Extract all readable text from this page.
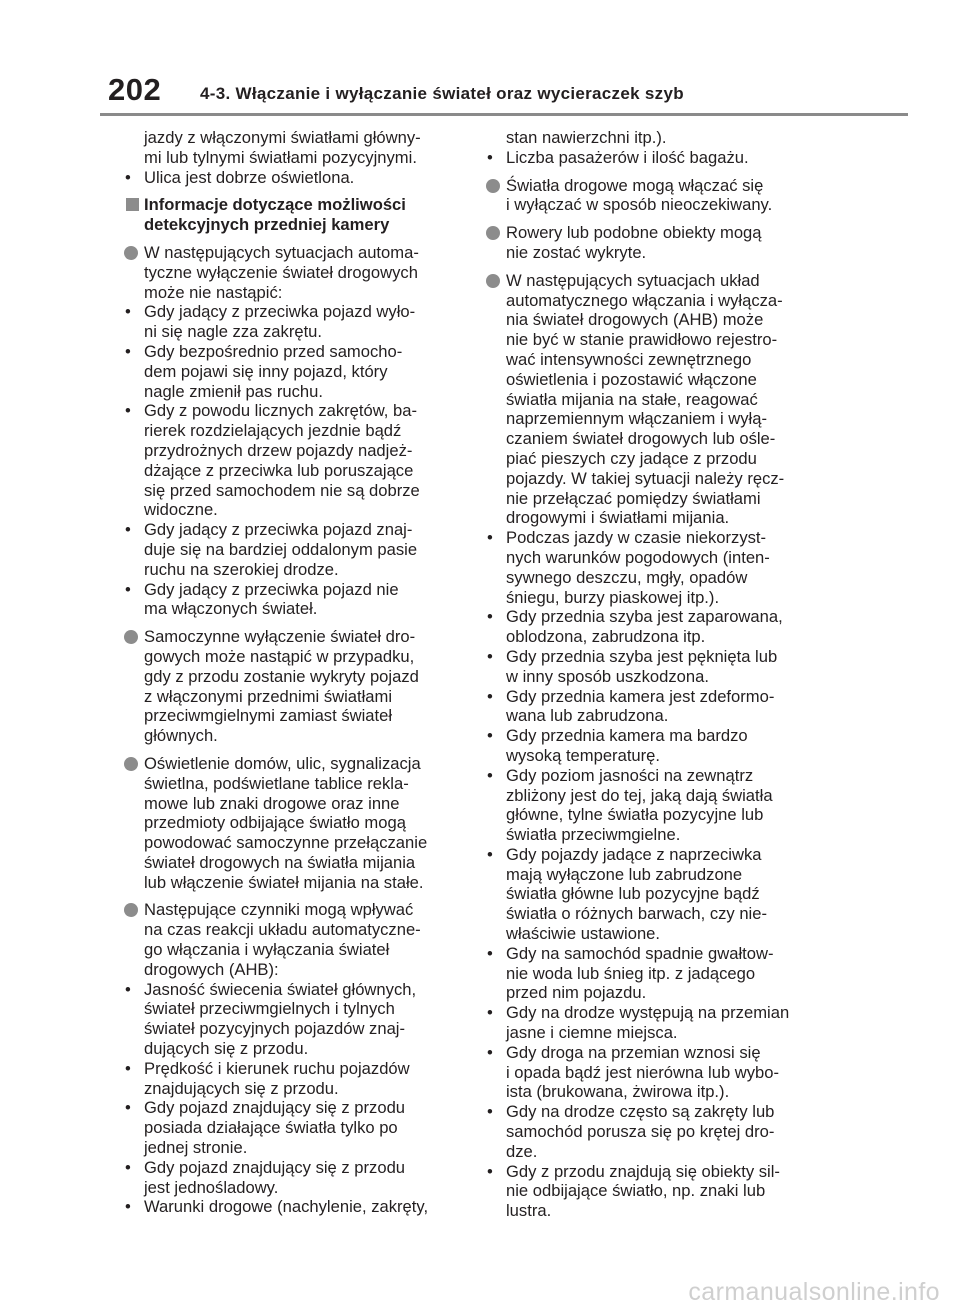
202 4-3. Włączanie i wyłączanie świateł oraz wycieraczek szyb

jazdy z włączonymi światłami główny-

mi lub tylnymi światłami pozycyjnymi.

• Ulica jest dobrze oświetlona.

Informacje dotyczące możliwości

detekcyjnych przedniej kamery

W następujących sytuacjach automa-

tyczne wyłączenie świateł drogowych

może nie nastąpić:

• Gdy jadący z przeciwka pojazd wyło-

ni się nagle zza zakrętu.

• Gdy bezpośrednio przed samocho-

dem pojawi się inny pojazd, który

nagle zmienił pas ruchu.

• Gdy z powodu licznych zakrętów, ba-

rierek rozdzielających jezdnie bądź

przydrożnych drzew pojazdy nadjeż-

dżające z przeciwka lub poruszające

się przed samochodem nie są dobrze

widoczne.

• Gdy jadący z przeciwka pojazd znaj-

duje się na bardziej oddalonym pasie

ruchu na szerokiej drodze.

• Gdy jadący z przeciwka pojazd nie

ma włączonych świateł.

Samoczynne wyłączenie świateł dro-

gowych może nastąpić w przypadku,

gdy z przodu zostanie wykryty pojazd

z włączonymi przednimi światłami

przeciwmgielnymi zamiast świateł

głównych.

Oświetlenie domów, ulic, sygnalizacja

świetlna, podświetlane tablice rekla-

mowe lub znaki drogowe oraz inne

przedmioty odbijające światło mogą

powodować samoczynne przełączanie

świateł drogowych na światła mijania

lub włączenie świateł mijania na stałe.

Następujące czynniki mogą wpływać

na czas reakcji układu automatyczne-

go włączania i wyłączania świateł

drogowych (AHB):

• Jasność świecenia świateł głównych,

świateł przeciwmgielnych i tylnych

świateł pozycyjnych pojazdów znaj-

dujących się z przodu.

• Prędkość i kierunek ruchu pojazdów

znajdujących się z przodu.

• Gdy pojazd znajdujący się z przodu

posiada działające światła tylko po

jednej stronie.

• Gdy pojazd znajdujący się z przodu

jest jednośladowy.

• Warunki drogowe (nachylenie, zakręty,

stan nawierzchni itp.).

• Liczba pasażerów i ilość bagażu.

Światła drogowe mogą włączać się

i wyłączać w sposób nieoczekiwany.

Rowery lub podobne obiekty mogą

nie zostać wykryte.

W następujących sytuacjach układ

automatycznego włączania i wyłącza-

nia świateł drogowych (AHB) może

nie być w stanie prawidłowo rejestro-

wać intensywności zewnętrznego

oświetlenia i pozostawić włączone

światła mijania na stałe, reagować

naprzemiennym włączaniem i wyłą-

czaniem świateł drogowych lub ośle-

piać pieszych czy jadące z przodu

pojazdy. W takiej sytuacji należy ręcz-

nie przełączać pomiędzy światłami

drogowymi i światłami mijania.

• Podczas jazdy w czasie niekorzyst-

nych warunków pogodowych (inten-

sywnego deszczu, mgły, opadów

śniegu, burzy piaskowej itp.).

• Gdy przednia szyba jest zaparowana,

oblodzona, zabrudzona itp.

• Gdy przednia szyba jest pęknięta lub

w inny sposób uszkodzona.

• Gdy przednia kamera jest zdeformo-

wana lub zabrudzona.

• Gdy przednia kamera ma bardzo

wysoką temperaturę.

• Gdy poziom jasności na zewnątrz

zbliżony jest do tej, jaką dają światła

główne, tylne światła pozycyjne lub

światła przeciwmgielne.

• Gdy pojazdy jadące z naprzeciwka

mają wyłączone lub zabrudzone

światła główne lub pozycyjne bądź

światła o różnych barwach, czy nie-

właściwie ustawione.

• Gdy na samochód spadnie gwałtow-

nie woda lub śnieg itp. z jadącego

przed nim pojazdu.

• Gdy na drodze występują na przemian

jasne i ciemne miejsca.

• Gdy droga na przemian wznosi się

i opada bądź jest nierówna lub wybo-

ista (brukowana, żwirowa itp.).

• Gdy na drodze często są zakręty lub

samochód porusza się po krętej dro-

dze.

• Gdy z przodu znajdują się obiekty sil-

nie odbijające światło, np. znaki lub

lustra.

carmanualsonline.info
